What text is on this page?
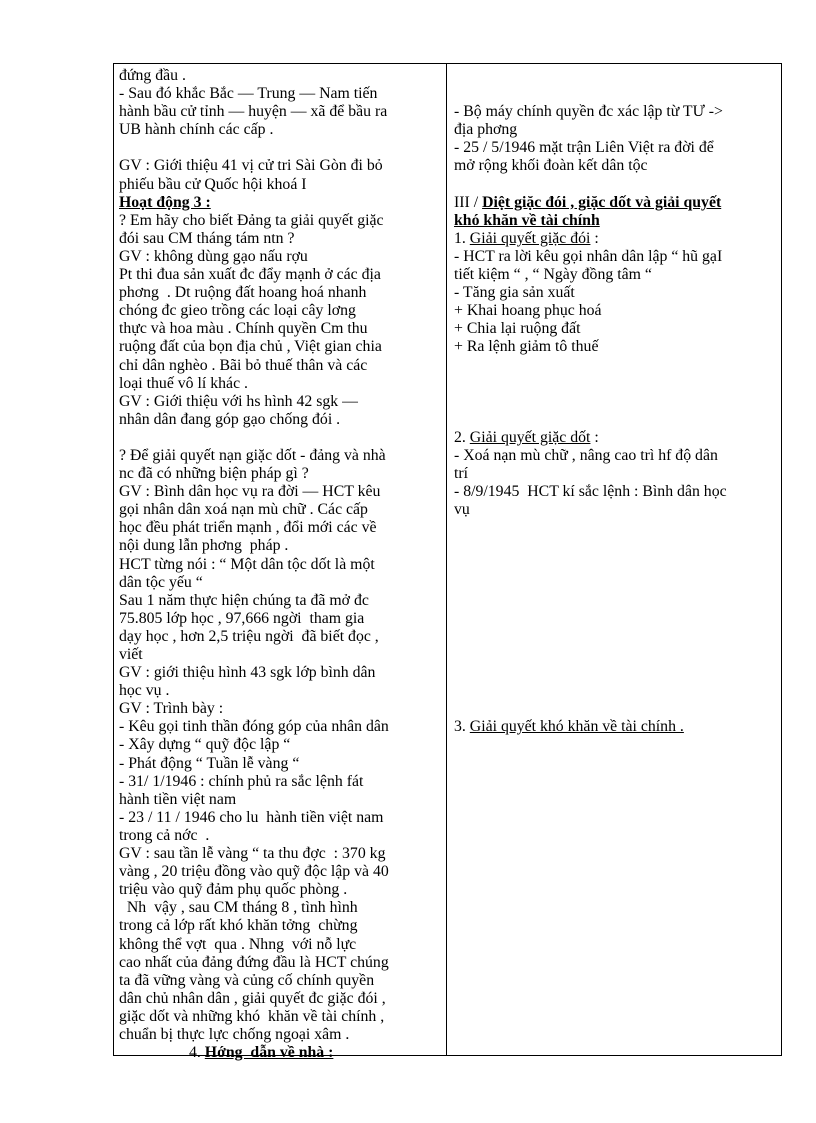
đứng đầu .
- Sau đó khắc Bắc — Trung — Nam tiến
hành bầu cử tỉnh — huyện — xã để bầu ra
UB hành chính các cấp .
GV : Giới thiệu 41 vị cử tri Sài Gòn đi bỏ
phiếu bầu cử Quốc hội khoá I
Hoạt động 3 :
? Em hãy cho biết Đảng ta giải quyết giặc
đói sau CM tháng tám ntn ?
GV : không dùng gạo nấu rợu
Pt thi đua sản xuất đc đẩy mạnh ở các địa
phơng  . Dt ruộng đất hoang hoá nhanh
chóng đc gieo trồng các loại cây lơng
thực và hoa màu . Chính quyền Cm thu
ruộng đất của bọn địa chủ , Việt gian chia
chỉ dân nghèo . Bãi bỏ thuế thân và các
loại thuế vô lí khác .
GV : Giới thiệu với hs hình 42 sgk —
nhân dân đang góp gạo chống đói .
? Để giải quyết nạn giặc dốt - đảng và nhà
nc đã có những biện pháp gì ?
GV : Bình dân học vụ ra đời — HCT kêu
gọi nhân dân xoá nạn mù chữ . Các cấp
học đều phát triển mạnh , đổi mới các về
nội dung lẫn phơng  pháp .
HCT từng nói : “ Một dân tộc dốt là một
dân tộc yếu “
Sau 1 năm thực hiện chúng ta đã mở đc
75.805 lớp học , 97,666 ngời  tham gia
dạy học , hơn 2,5 triệu ngời  đã biết đọc ,
viết
GV : giới thiệu hình 43 sgk lớp bình dân
học vụ .
GV : Trình bày :
- Kêu gọi tinh thần đóng góp của nhân dân
- Xây dựng “ quỹ độc lập “
- Phát động “ Tuần lễ vàng “
- 31/ 1/1946 : chính phủ ra sắc lệnh fát
hành tiền việt nam
- 23 / 11 / 1946 cho lu  hành tiền việt nam
trong cả nớc  .
GV : sau tần lễ vàng “ ta thu đợc  : 370 kg
vàng , 20 triệu đồng vào quỹ độc lập và 40
triệu vào quỹ đảm phụ quốc phòng .
Nh  vậy , sau CM tháng 8 , tình hình
trong cả lớp rất khó khăn tởng  chừng
không thể vợt  qua . Nhng  với nỗ lực
cao nhất của đảng đứng đầu là HCT chúng
ta đã vững vàng và củng cố chính quyền
dân chủ nhân dân , giải quyết đc giặc đói ,
giặc dốt và những khó  khăn về tài chính ,
chuẩn bị thực lực chống ngoại xâm .
4. Hớng  dẫn về nhà :
- Bộ máy chính quyền đc xác lập từ TƯ ->
địa phơng
- 25 / 5/1946 mặt trận Liên Việt ra đời để
mở rộng khối đoàn kết dân tộc
III / Diệt giặc đói , giặc dốt và giải quyết
khó khăn về tài chính
1. Giải quyết giặc đói :
- HCT ra lời kêu gọi nhân dân lập “ hũ gạI
tiết kiệm “ , “ Ngày đồng tâm “
- Tăng gia sản xuất
+ Khai hoang phục hoá
+ Chia lại ruộng đất
+ Ra lệnh giảm tô thuế
2. Giải quyết giặc dốt :
- Xoá nạn mù chữ , nâng cao trì hf độ dân
trí
- 8/9/1945  HCT kí sắc lệnh : Bình dân học
vụ
3. Giải quyết khó khăn về tài chính .
